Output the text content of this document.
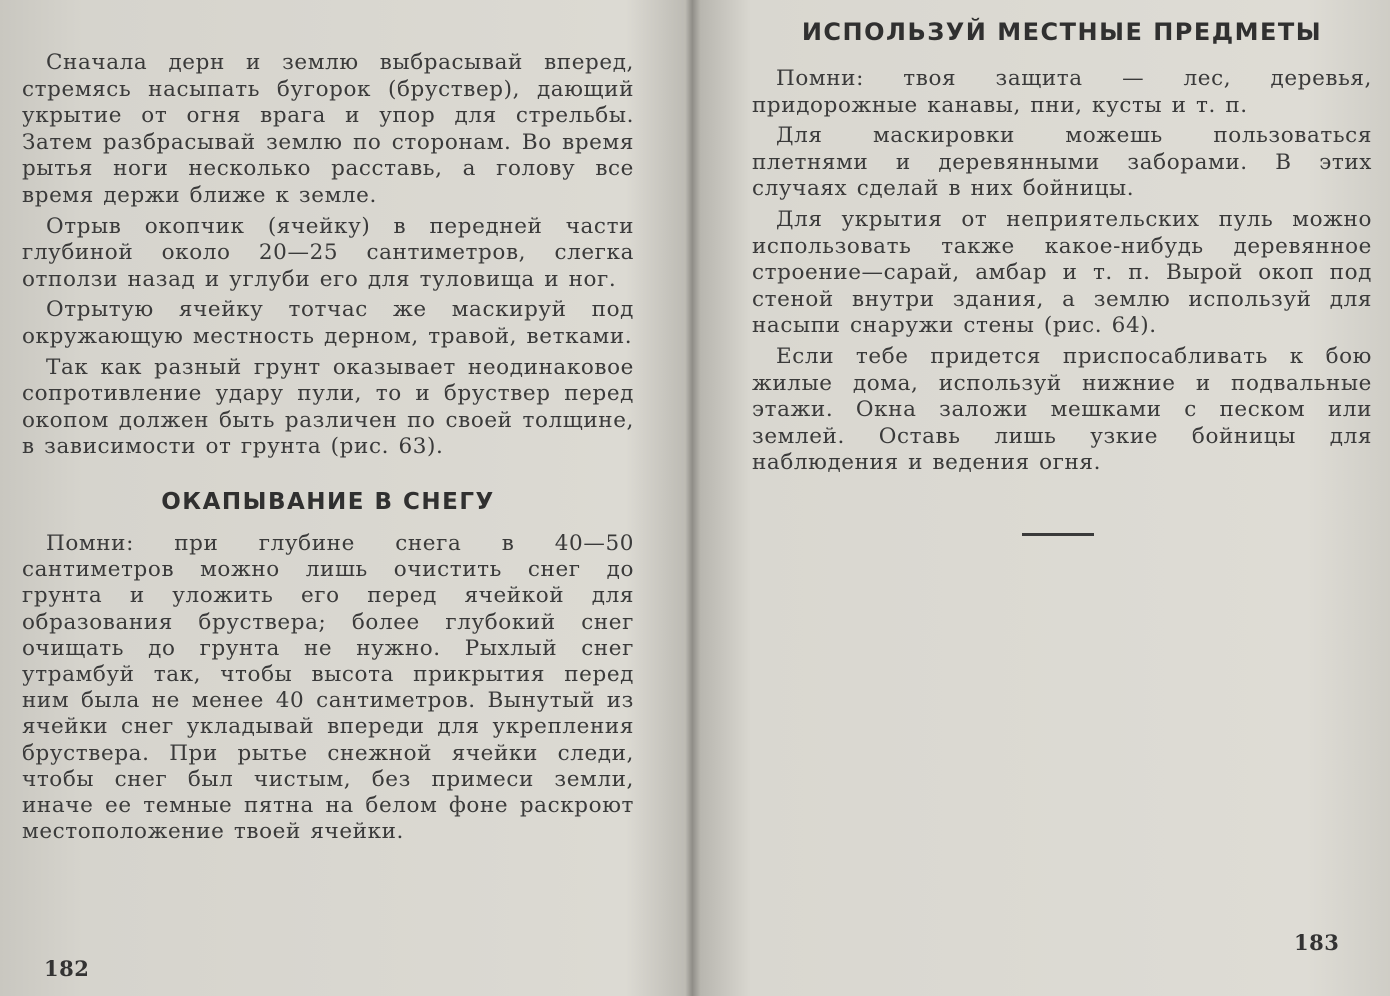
Сначала дерн и землю выбрасывай вперед, стремясь насыпать бугорок (бруствер), дающий укрытие от огня врага и упор для стрельбы. Затем разбрасывай землю по сторонам. Во время рытья ноги несколько расставь, а голову все время держи ближе к земле.

Отрыв окопчик (ячейку) в передней части глубиной около 20—25 сантиметров, слегка отползи назад и углуби его для туловища и ног.

Отрытую ячейку тотчас же маскируй под окружающую местность дерном, травой, ветками.

Так как разный грунт оказывает неодинаковое сопротивление удару пули, то и бруствер перед окопом должен быть различен по своей толщине, в зависимости от грунта (рис. 63).

ОКАПЫВАНИЕ В СНЕГУ

Помни: при глубине снега в 40—50 сантиметров можно лишь очистить снег до грунта и уложить его перед ячейкой для образования бруствера; более глубокий снег очищать до грунта не нужно. Рыхлый снег утрамбуй так, чтобы высота прикрытия перед ним была не менее 40 сантиметров. Вынутый из ячейки снег укладывай впереди для укрепления бруствера. При рытье снежной ячейки следи, чтобы снег был чистым, без примеси земли, иначе ее темные пятна на белом фоне раскроют местоположение твоей ячейки.

182
ИСПОЛЬЗУЙ МЕСТНЫЕ ПРЕДМЕТЫ

Помни: твоя защита — лес, деревья, придорожные канавы, пни, кусты и т. п.

Для маскировки можешь пользоваться плетнями и деревянными заборами. В этих случаях сделай в них бойницы.

Для укрытия от неприятельских пуль можно использовать также какое-нибудь деревянное строение—сарай, амбар и т. п. Вырой окоп под стеной внутри здания, а землю используй для насыпи снаружи стены (рис. 64).

Если тебе придется приспосабливать к бою жилые дома, используй нижние и подвальные этажи. Окна заложи мешками с песком или землей. Оставь лишь узкие бойницы для наблюдения и ведения огня.

183
